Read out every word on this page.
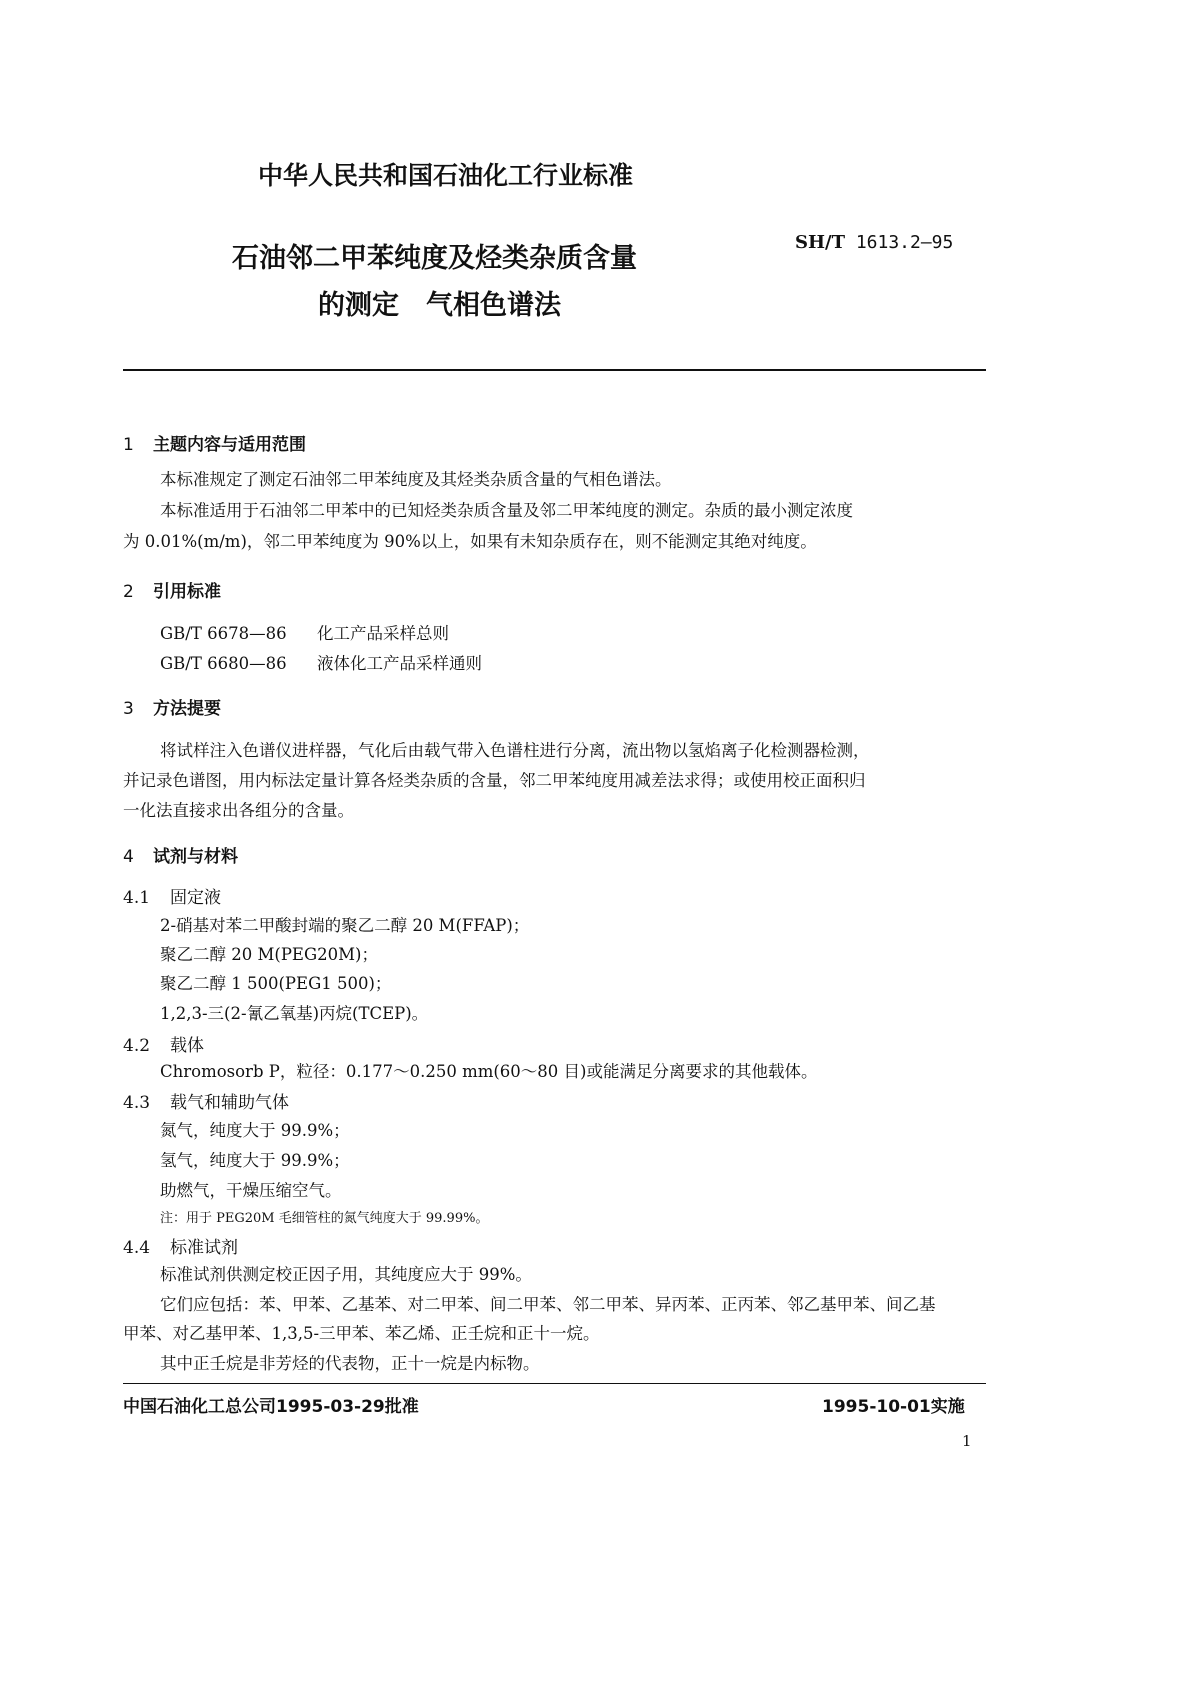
中华人民共和国石油化工行业标准
石油邻二甲苯纯度及烃类杂质含量
的测定　气相色谱法
SH/T 1613.2—95
1 主题内容与适用范围
本标准规定了测定石油邻二甲苯纯度及其烃类杂质含量的气相色谱法。
本标准适用于石油邻二甲苯中的已知烃类杂质含量及邻二甲苯纯度的测定。杂质的最小测定浓度
为 0.01%(m/m)，邻二甲苯纯度为 90%以上，如果有未知杂质存在，则不能测定其绝对纯度。
2 引用标准
GB/T 6678—86 化工产品采样总则
GB/T 6680—86 液体化工产品采样通则
3 方法提要
将试样注入色谱仪进样器，气化后由载气带入色谱柱进行分离，流出物以氢焰离子化检测器检测，
并记录色谱图，用内标法定量计算各烃类杂质的含量，邻二甲苯纯度用减差法求得；或使用校正面积归
一化法直接求出各组分的含量。
4 试剂与材料
4.1 固定液
2-硝基对苯二甲酸封端的聚乙二醇 20 M(FFAP)；
聚乙二醇 20 M(PEG20M)；
聚乙二醇 1 500(PEG1 500)；
1,2,3-三(2-氰乙氧基)丙烷(TCEP)。
4.2 载体
Chromosorb P，粒径：0.177～0.250 mm(60～80 目)或能满足分离要求的其他载体。
4.3 载气和辅助气体
氮气，纯度大于 99.9%；
氢气，纯度大于 99.9%；
助燃气，干燥压缩空气。
注：用于 PEG20M 毛细管柱的氮气纯度大于 99.99%。
4.4 标准试剂
标准试剂供测定校正因子用，其纯度应大于 99%。
它们应包括：苯、甲苯、乙基苯、对二甲苯、间二甲苯、邻二甲苯、异丙苯、正丙苯、邻乙基甲苯、间乙基
甲苯、对乙基甲苯、1,3,5-三甲苯、苯乙烯、正壬烷和正十一烷。
其中正壬烷是非芳烃的代表物，正十一烷是内标物。
中国石油化工总公司1995-03-29批准	1995-10-01实施
1
